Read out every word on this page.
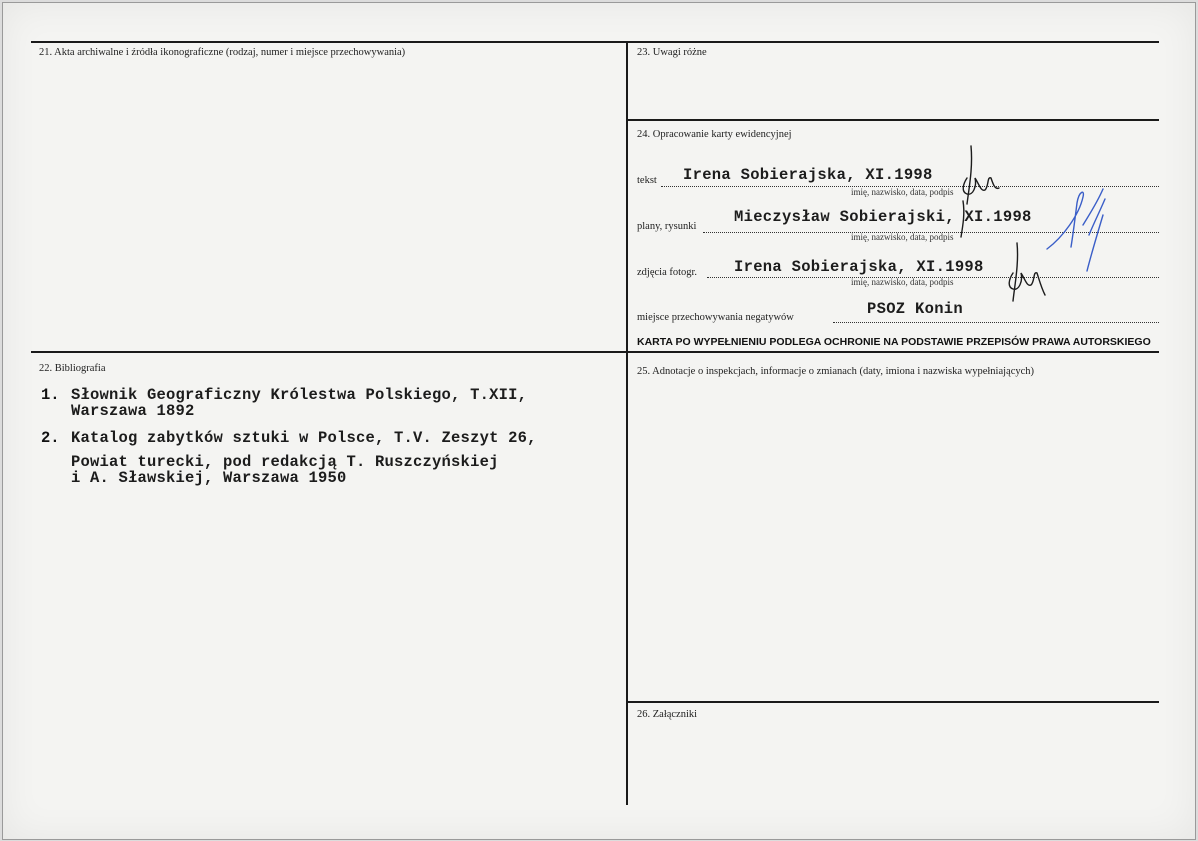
21. Akta archiwalne i źródła ikonograficzne (rodzaj, numer i miejsce przechowywania)
22. Bibliografia
1. Słownik Geograficzny Królestwa Polskiego, T.XII,
Warszawa 1892
2. Katalog zabytków sztuki w Polsce, T.V. Zeszyt 26,
Powiat turecki, pod redakcją T. Ruszczyńskiej
i A. Sławskiej, Warszawa 1950
23. Uwagi różne
24. Opracowanie karty ewidencyjnej
tekst Irena Sobierajska, XI.1998
imię, nazwisko, data, podpis
plany, rysunki
Mieczysław Sobierajski, XI.1998
imię, nazwisko, data, podpis
zdjęcia fotogr. Irena Sobierajska, XI.1998
imię, nazwisko, data, podpis
miejsce przechowywania negatywów	PSOZ Konin
KARTA PO WYPEŁNIENIU PODLEGA OCHRONIE NA PODSTAWIE PRZEPISÓW PRAWA AUTORSKIEGO
25. Adnotacje o inspekcjach, informacje o zmianach (daty, imiona i nazwiska wypełniających)
26. Załączniki
